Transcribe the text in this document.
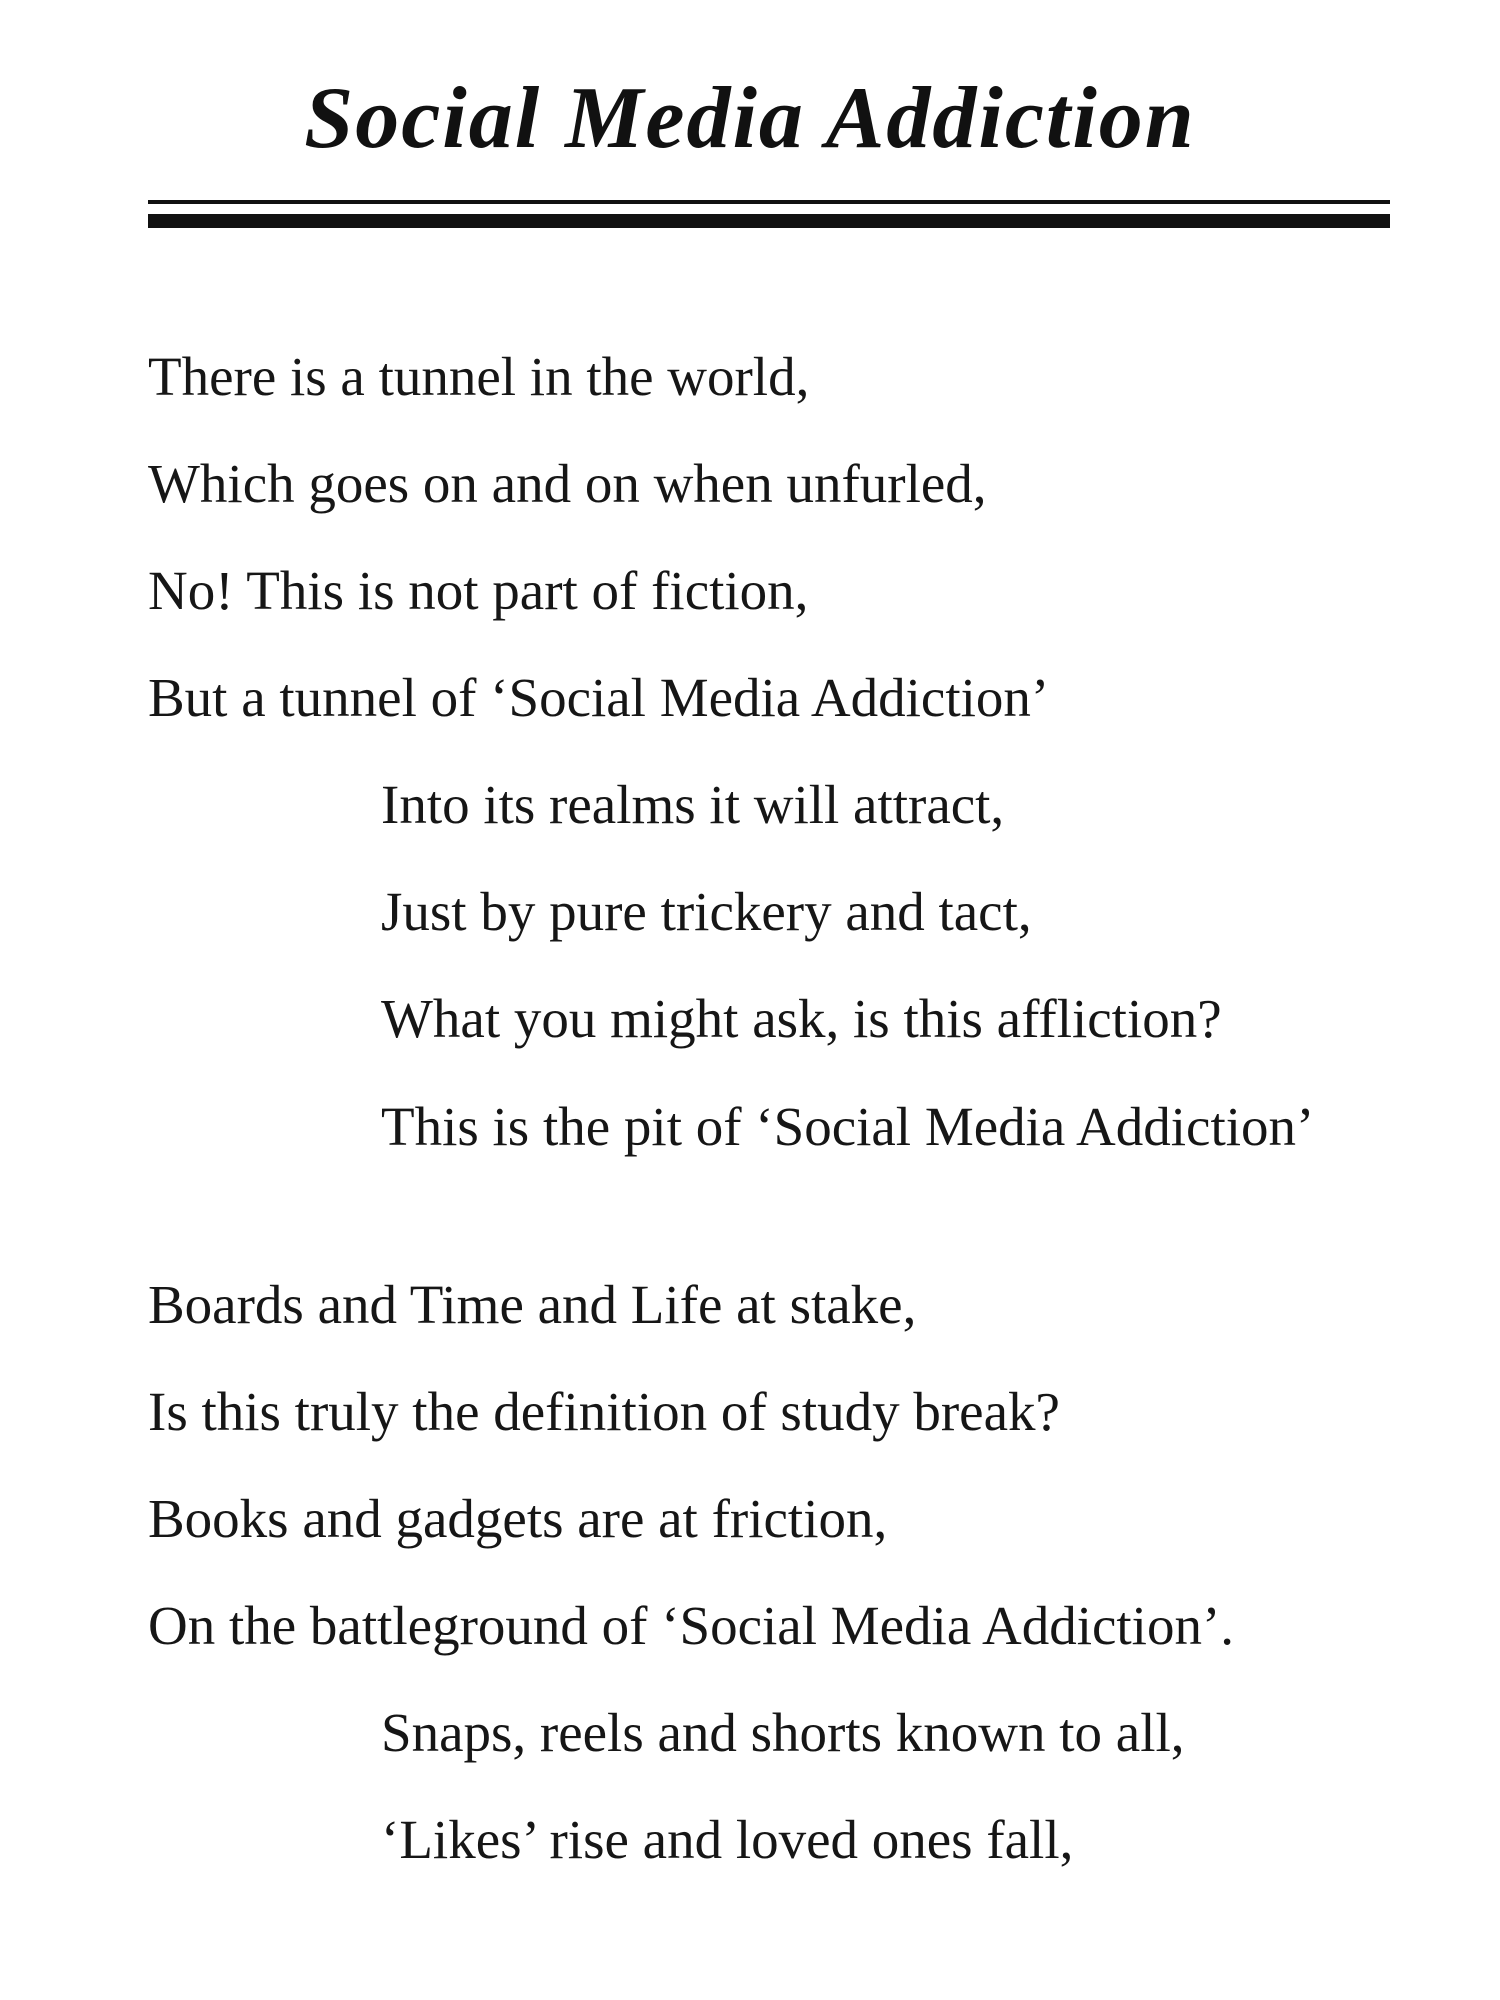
Social Media Addiction

There is a tunnel in the world,

Which goes on and on when unfurled,

No! This is not part of fiction,

But a tunnel of ‘Social Media Addiction’

Into its realms it will attract,

Just by pure trickery and tact,

What you might ask, is this affliction?

This is the pit of ‘Social Media Addiction’

Boards and Time and Life at stake,

Is this truly the definition of study break?

Books and gadgets are at friction,

On the battleground of ‘Social Media Addiction’.

Snaps, reels and shorts known to all,

‘Likes’ rise and loved ones fall,
